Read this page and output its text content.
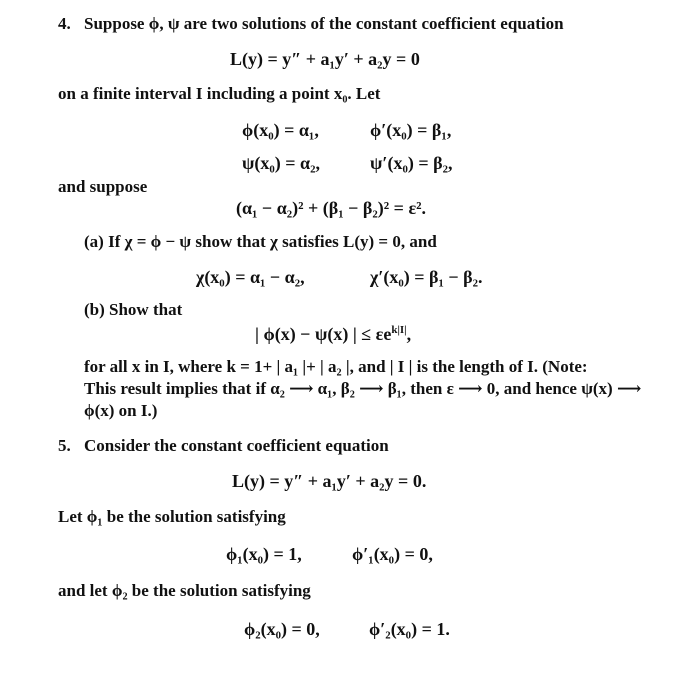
4. Suppose ϕ, ψ are two solutions of the constant coefficient equation
L(y) = y″ + a₁y′ + a₂y = 0
on a finite interval I including a point x₀. Let
ϕ(x₀) = α₁,	ϕ′(x₀) = β₁,
ψ(x₀) = α₂,	ψ′(x₀) = β₂,
and suppose
(α₁ − α₂)² + (β₁ − β₂)² = ε².
(a) If χ = ϕ − ψ show that χ satisfies L(y) = 0, and
χ(x₀) = α₁ − α₂,	χ′(x₀) = β₁ − β₂.
(b) Show that
| ϕ(x) − ψ(x) | ≤ $\varepsilon e^{k|I|}$,
for all x in I, where k = 1+ | a₁ |+ | a₂ |, and | I | is the length of I. (Note:
This result implies that if α₂ ⟶ α₁, β₂ ⟶ β₁, then ε ⟶ 0, and hence ψ(x) ⟶
ϕ(x) on I.)
5. Consider the constant coefficient equation
L(y) = y″ + a₁y′ + a₂y = 0.
Let ϕ₁ be the solution satisfying
ϕ₁(x₀) = 1,	ϕ′₁(x₀) = 0,
and let ϕ₂ be the solution satisfying
ϕ₂(x₀) = 0,	ϕ′₂(x₀) = 1.
